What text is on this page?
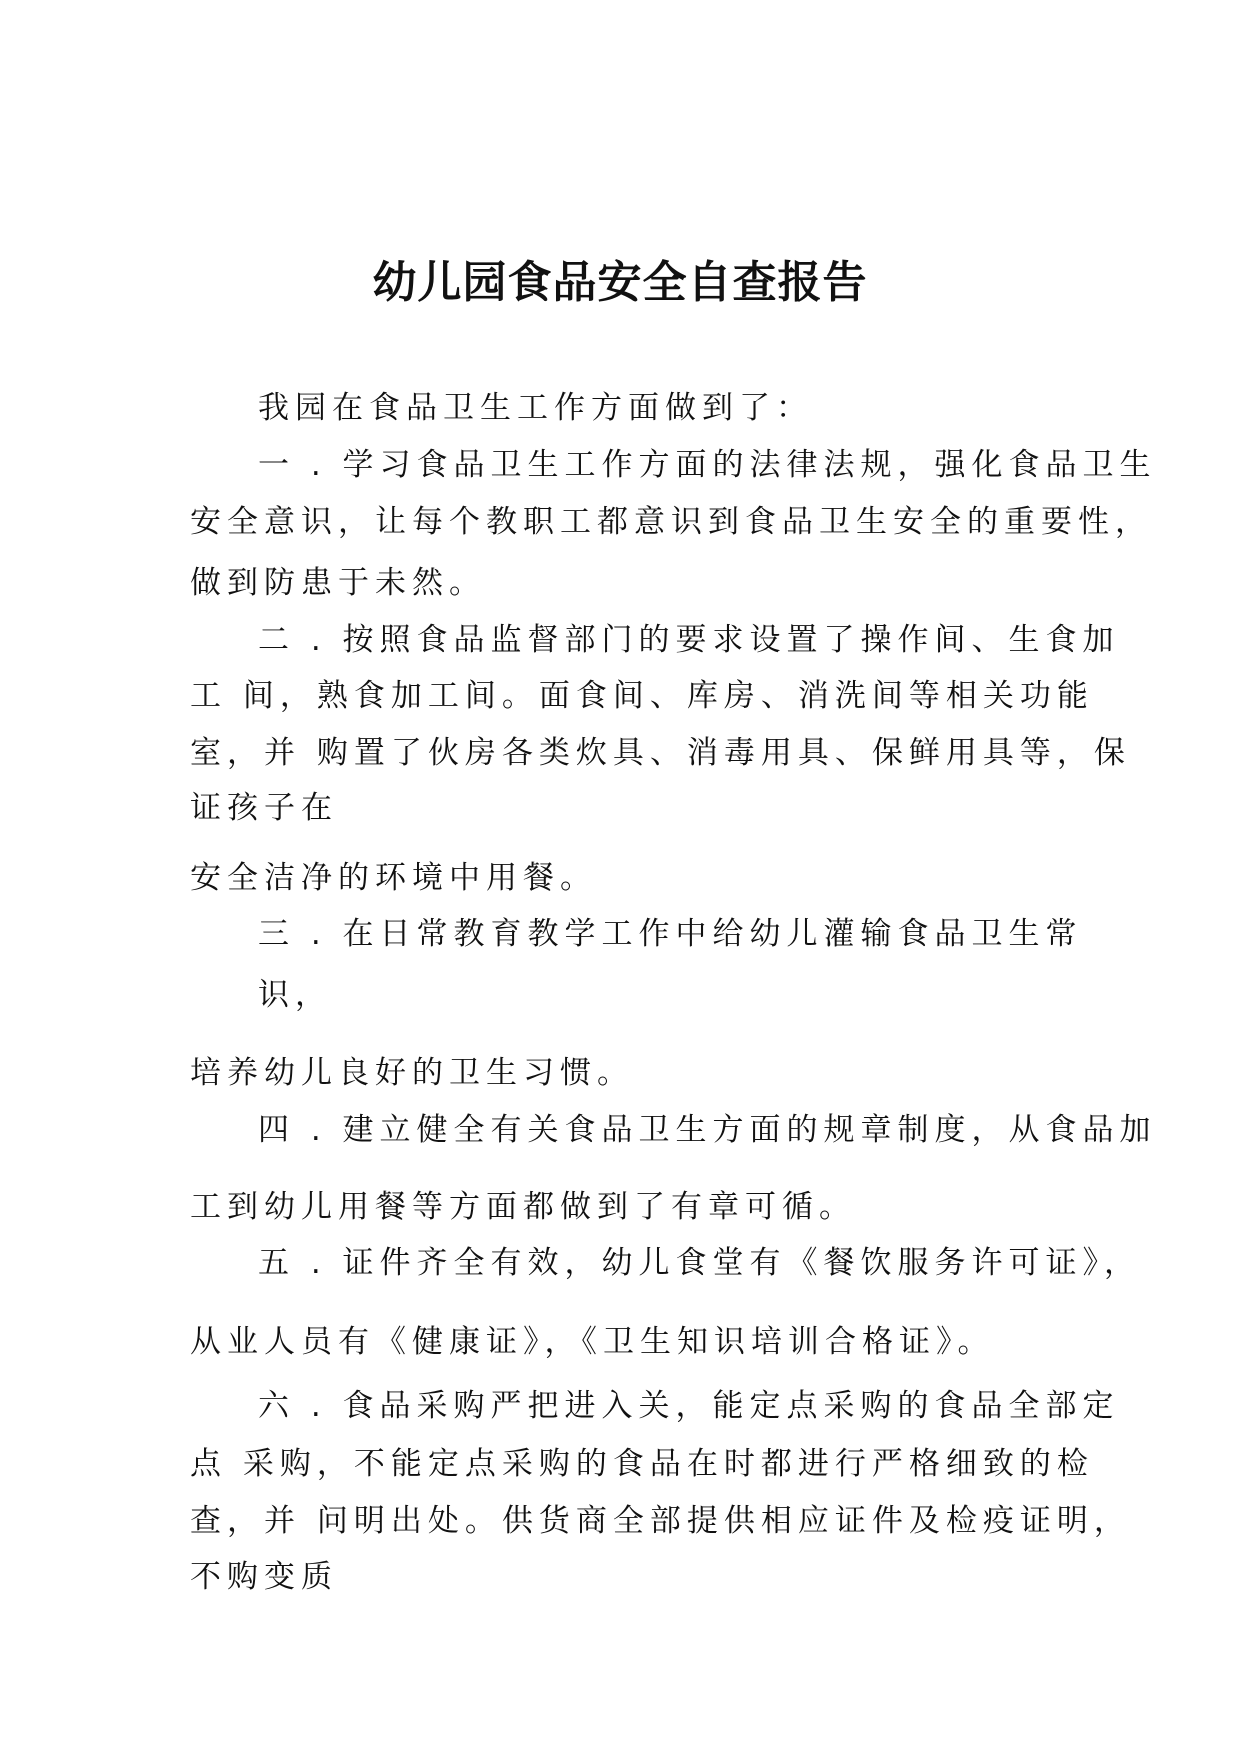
幼儿园食品安全自查报告
我园在食品卫生工作方面做到了：
一 . 学习食品卫生工作方面的法律法规，强化食品卫生
安全意识，让每个教职工都意识到食品卫生安全的重要性，
做到防患于未然。
二 . 按照食品监督部门的要求设置了操作间、生食加
工 间，熟食加工间。面食间、库房、消洗间等相关功能
室，并 购置了伙房各类炊具、消毒用具、保鲜用具等，保
证孩子在
安全洁净的环境中用餐。
三 . 在日常教育教学工作中给幼儿灌输食品卫生常
识，
培养幼儿良好的卫生习惯。
四 . 建立健全有关食品卫生方面的规章制度，从食品加
工到幼儿用餐等方面都做到了有章可循。
五 . 证件齐全有效，幼儿食堂有《餐饮服务许可证》，
从业人员有《健康证》，《卫生知识培训合格证》。
六 . 食品采购严把进入关，能定点采购的食品全部定
点 采购，不能定点采购的食品在时都进行严格细致的检
查，并 问明出处。供货商全部提供相应证件及检疫证明，
不购变质
